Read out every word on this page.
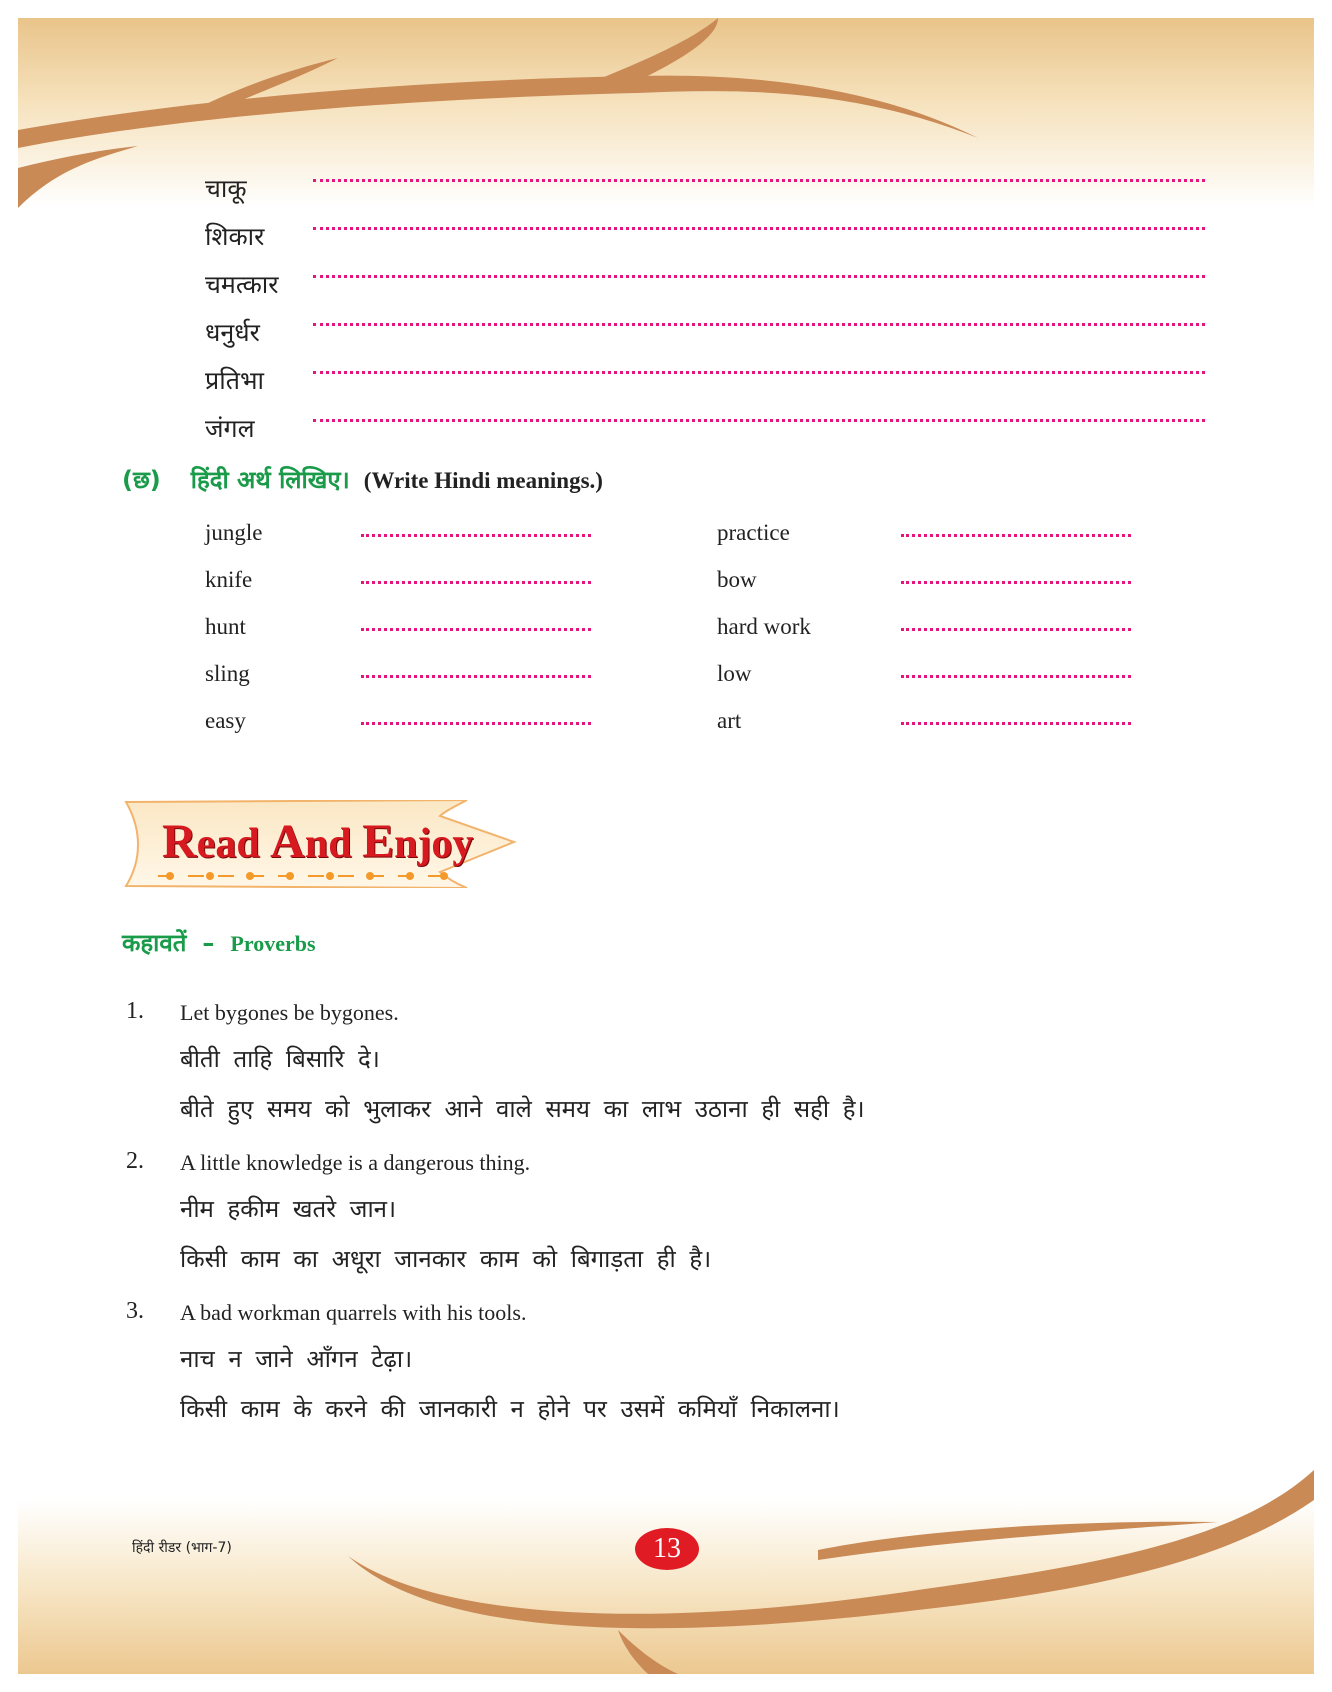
चाकू
शिकार
चमत्कार
धनुर्धर
प्रतिभा
जंगल
(छ) हिंदी अर्थ लिखिए। (Write Hindi meanings.)
jungle	practice
knife	bow
hunt	hard work
sling	low
easy	art
Read And Enjoy
कहावतें – Proverbs
1. Let bygones be bygones.
बीती ताहि बिसारि दे।
बीते हुए समय को भुलाकर आने वाले समय का लाभ उठाना ही सही है।
2. A little knowledge is a dangerous thing.
नीम हकीम खतरे जान।
किसी काम का अधूरा जानकार काम को बिगाड़ता ही है।
3. A bad workman quarrels with his tools.
नाच न जाने आँगन टेढ़ा।
किसी काम के करने की जानकारी न होने पर उसमें कमियाँ निकालना।
हिंदी रीडर (भाग-7)	13
